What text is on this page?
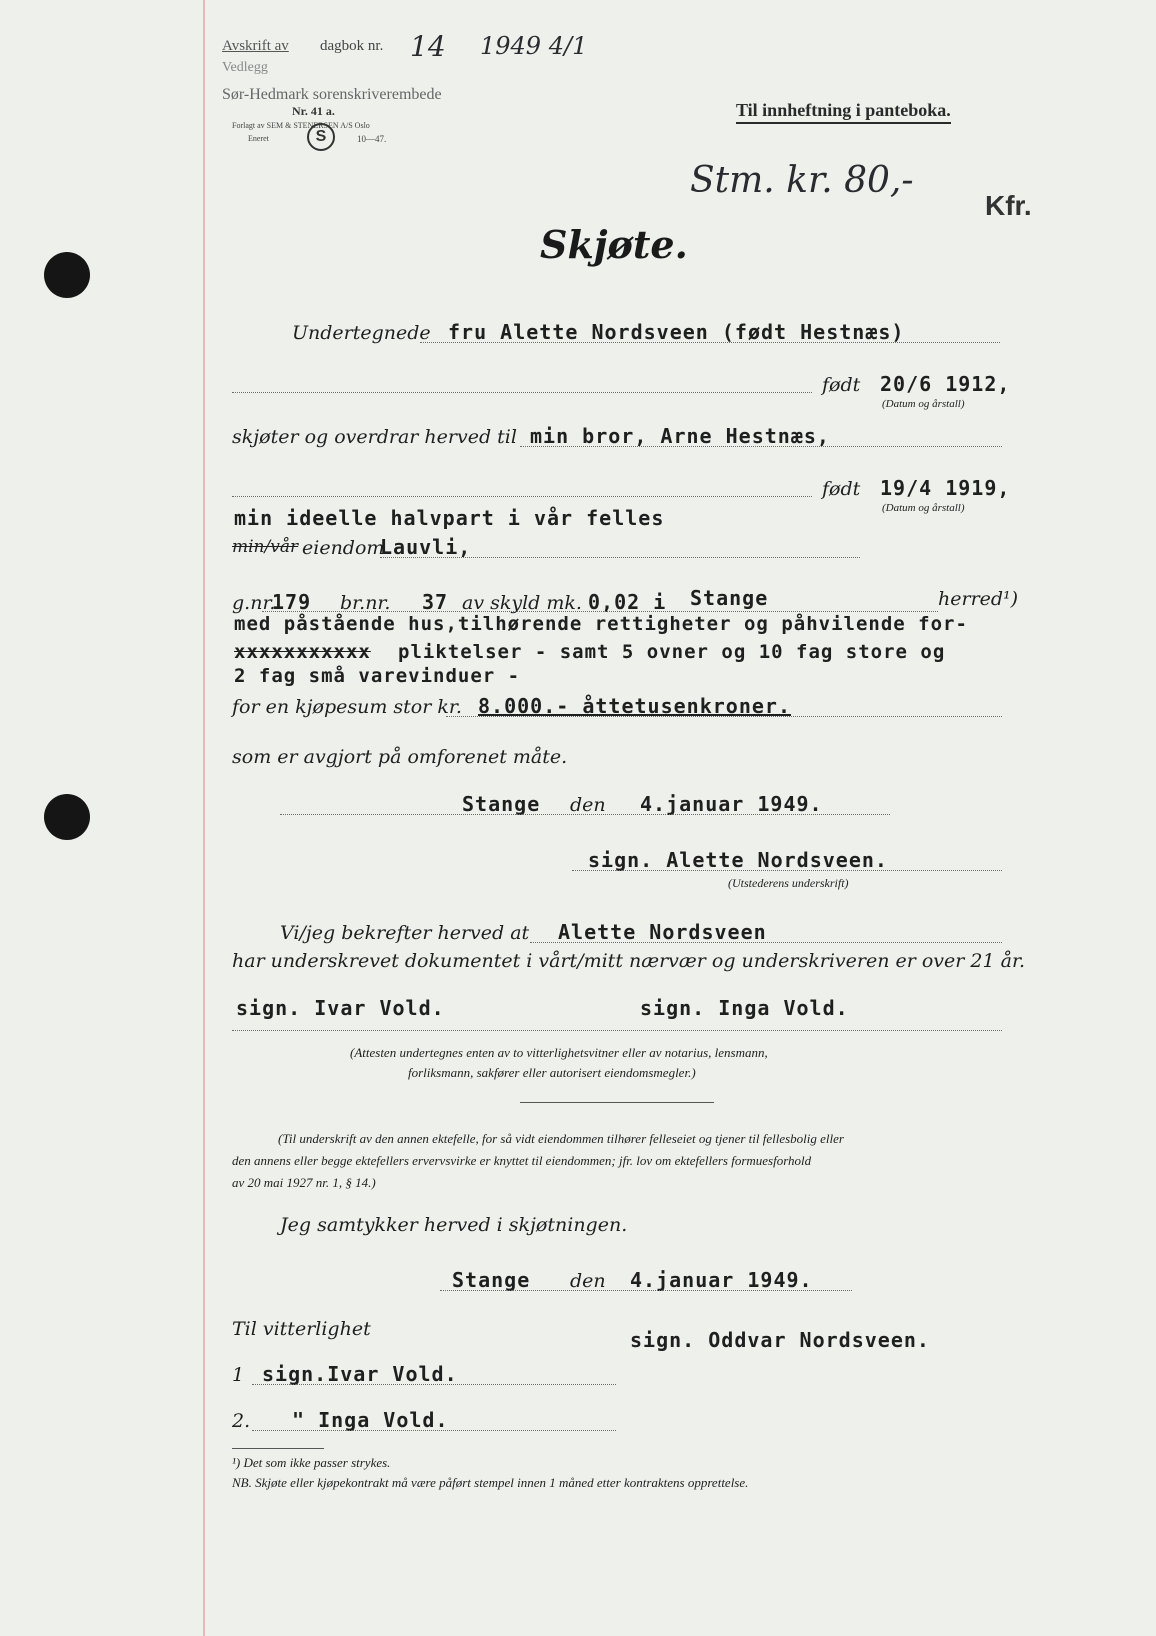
Avskrift av
Vedlegg
dagbok nr. 14 1949 4/1
Sør-Hedmark sorenskriverembede
Nr. 41 a.
Forlagt av SEM & STENERSEN A/S Oslo
Eneret	S	10—47.
Til innheftning i panteboka.
Stm. kr. 80,-
Kfr.
Skjøte.
Undertegnede fru Alette Nordsveen (født Hestnæs)
født 20/6 1912,
(Datum og årstall)
skjøter og overdrar herved til min bror, Arne Hestnæs,
født 19/4 1919,
(Datum og årstall)
min ideelle halvpart i vår felles
min/vår eiendom
Lauvli,
g.nr.
179 br.nr. 37 av skyld mk. 0,02 i Stange	herred¹)
med påstående hus,tilhørende rettigheter og påhvilende for-
xxxxxxxxxxx pliktelser - samt 5 ovner og 10 fag store og
2 fag små varevinduer -
for en kjøpesum stor kr. 8.000.- åttetusenkroner.
som er avgjort på omforenet måte.
Stange den 4.januar 1949.
sign. Alette Nordsveen.
(Utstederens underskrift)
Vi/jeg bekrefter herved at Alette Nordsveen
har underskrevet dokumentet i vårt/mitt nærvær og underskriveren er over 21 år.
sign. Ivar Vold.	sign. Inga Vold.
(Attesten undertegnes enten av to vitterlighetsvitner eller av notarius, lensmann,
forliksmann, sakfører eller autorisert eiendomsmegler.)
(Til underskrift av den annen ektefelle, for så vidt eiendommen tilhører felleseiet og tjener til fellesbolig eller
den annens eller begge ektefellers ervervsvirke er knyttet til eiendommen; jfr. lov om ektefellers formuesforhold
av 20 mai 1927 nr. 1, § 14.)
Jeg samtykker herved i skjøtningen.
Stange den 4.januar 1949.
Til vitterlighet	sign. Oddvar Nordsveen.
1 sign.Ivar Vold.
2. " Inga Vold.
¹) Det som ikke passer strykes.
NB. Skjøte eller kjøpekontrakt må være påført stempel innen 1 måned etter kontraktens opprettelse.
